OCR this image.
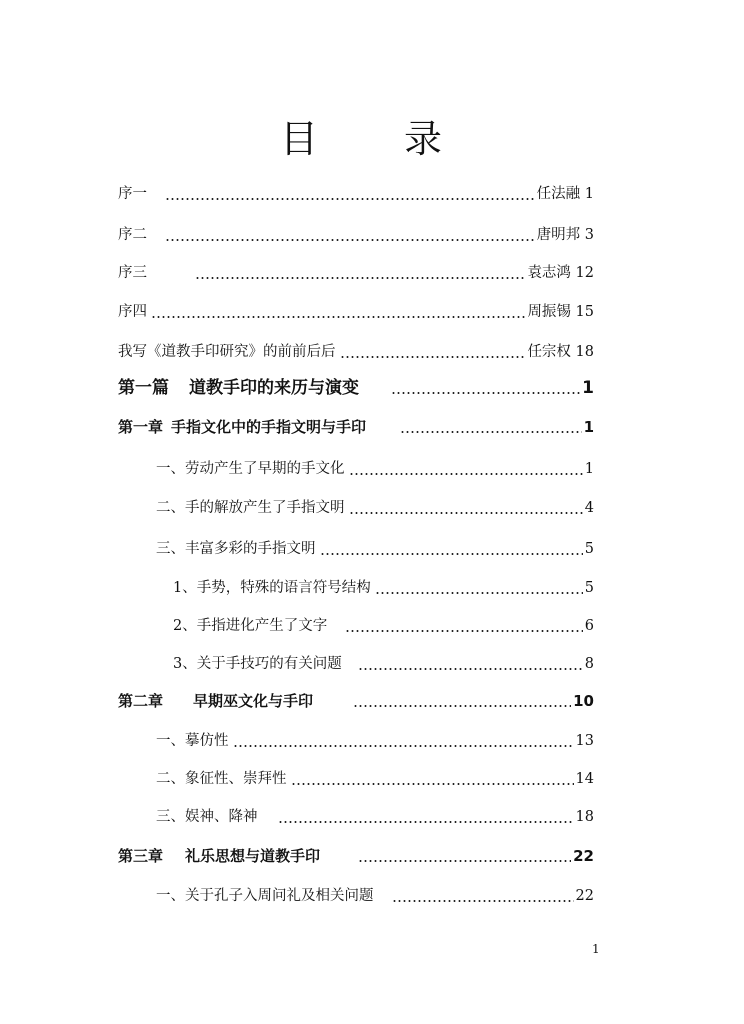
目 录
序一	任法融 1
序二	唐明邦 3
序三	袁志鸿 12
序四	周振锡 15
我写《道教手印研究》的前前后后	任宗权 18
第一篇 道教手印的来历与演变	1
第一章 手指文化中的手指文明与手印	1
一、劳动产生了早期的手文化	1
二、手的解放产生了手指文明	4
三、丰富多彩的手指文明	5
1、手势，特殊的语言符号结构	5
2、手指进化产生了文字	6
3、关于手技巧的有关问题	8
第二章 早期巫文化与手印	10
一、摹仿性	13
二、象征性、崇拜性	14
三、娱神、降神	18
第三章 礼乐思想与道教手印	22
一、关于孔子入周问礼及相关问题	22
1
